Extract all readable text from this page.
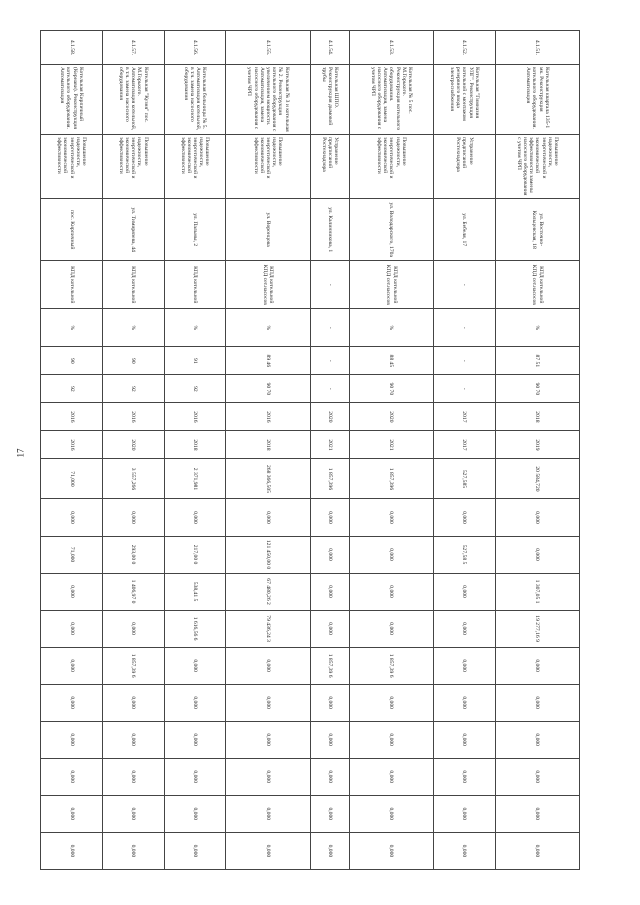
17
4.1.51.	Котельная квартала 135-1 мк. Реконструкция котельного оборудования. Автоматизация	Повышение надежности, энергетической и экономической эффективности замены насосного оборудования с учетом ЧРП	ул. Восточно-Кольцевская, 18	КПД котельной КПД сет.насосов	%	87 51	90 70	2018	2019	20 584,720	0,000	0,000	1 307,05 1	19 277,16 9	0,000	0,000	0,000	0,000	0,000	0,000
4.1.52.	Котельная "Гимназия УЛГ". Реконструкция котельной с монтажом резервного ввода электроснабжения	Устранение предписаний Ростехнадзора	ул. Бебеля, 17	-	-	-	-	2017	2017	527,585	0,000	527,58 5	0,000	0,000	0,000	0,000	0,000	0,000	0,000	0,000
4.1.53.	Котельная № 5 пос. М.Горького. Реконструкция котельного оборудования. Автоматизация, замена насосного оборудования с учетом ЧРП	Повышение надежности, энергетической и экономической эффективности	ул. Володарского, 170а	КПД котельной КПД сет.насосов	%	88 45	90 70	2020	2021	1 857,396	0,000	0,000	0,000	0,000	1 857,39 6	0,000	0,000	0,000	0,000	0,000
4.1.54.	Котельная ШПО. Реконструкция дымовой трубы	Устранение предписаний Ростехнадзора	ул. Калинникова, 1	-	-	-	-	2020	2021	1 857,396	0,000	0,000	0,000	0,000	1 857,39 6	0,000	0,000	0,000	0,000	0,000
4.1.55.	Котельная № 3 и котельная № 2. Реконструкция котельного оборудования с увеличением мощности. Автоматизация, замена насосного оборудования с учетом ЧРП	Повышение надежности, энергетической и экономической эффективности	ул. Воронцова	КПД котельной КПД сет.насосов	%	89 46	90 70	2016	2018	268 366,505	0,000	121 450,00 0	67 480,26 2	79 436,24 3	0,000	0,000	0,000	0,000	0,000	0,000
4.1.56.	Котельная больницы № 5. Автоматизация котельной, в т.ч. замена насосного оборудования	Повышение надежности, энергетической и экономической эффективности	ул. Пальмы, 2	КПД котельной	%	91	92	2016	2018	2 371,981	0,000	217,00 0	538,41 5	1 616,56 6	0,000	0,000	0,000	0,000	0,000	0,000
4.1.57.	Котельная "Кузня" пос. М.Горького. Автоматизация котельной, в т.ч. замена насосного оборудования	Повышение надежности, энергетической и экономической эффективности	ул. Тимирязева, 44	КПД котельной	%	90	92	2016	2020	3 557,266	0,000	293,00 0	1 406,97 0	0,000	1 857,39 6	0,000	0,000	0,000	0,000	0,000
4.1.58.	Котельная Кирпичный (Кернави). Реконструкция котельного оборудования. Автоматизация	Повышение надежности, энергетической и экономической эффективности	пос. Кирпичный	КПД котельной	%	90	92	2016	2016	71,000	0,000	71,000	0,000	0,000	0,000	0,000	0,000	0,000	0,000	0,000
